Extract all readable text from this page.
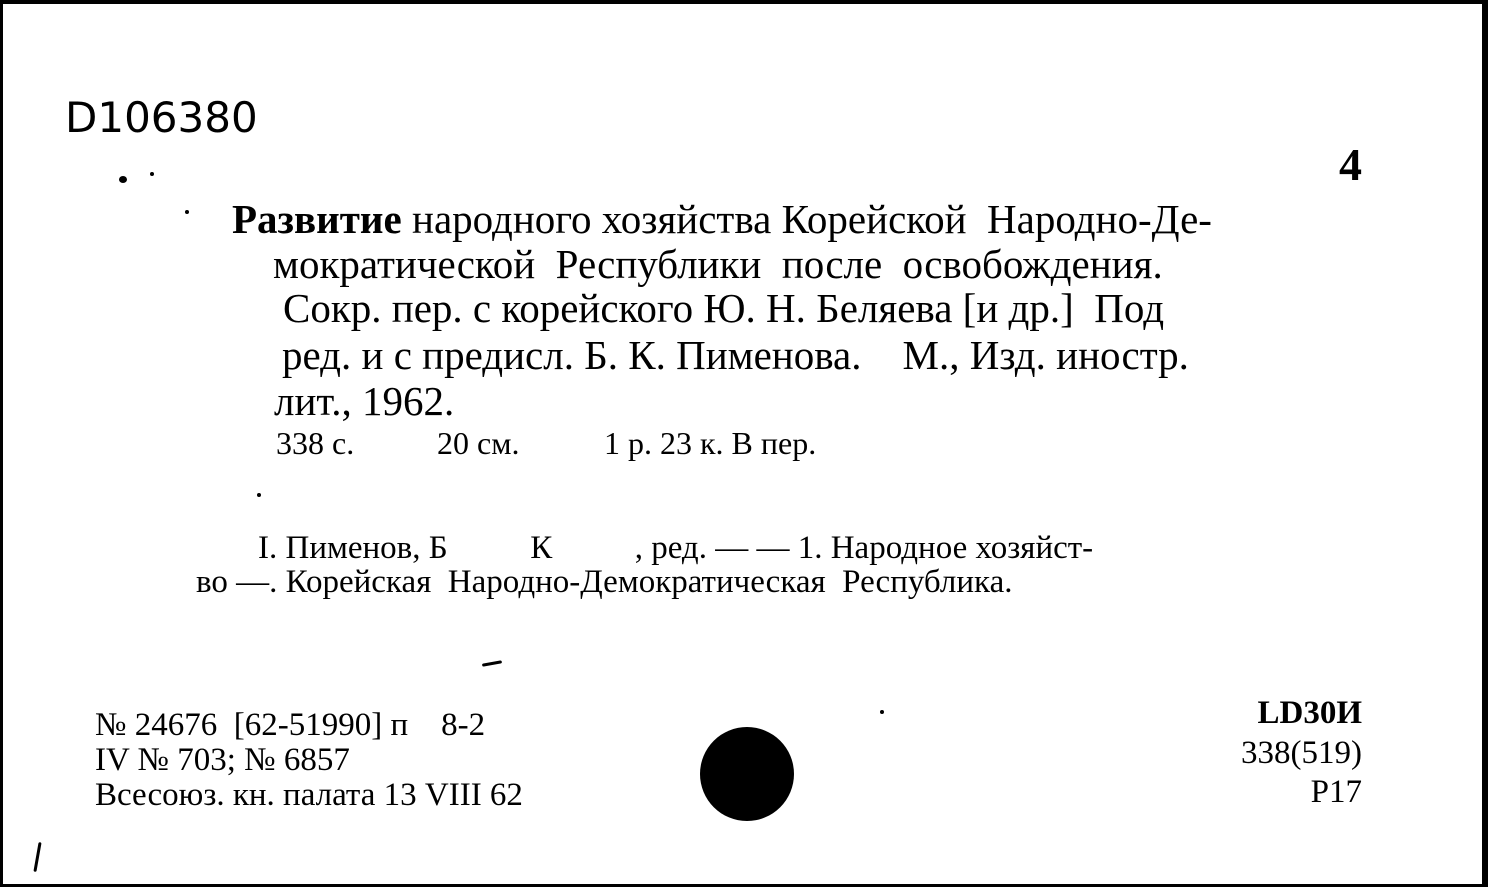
D106380
4
Развитие народного хозяйства Корейской  Народно-Де-
мократической  Республики  после  освобождения.
Сокр. пер. с корейского Ю. Н. Беляева [и др.]  Под
ред. и с предисл. Б. К. Пименова.    М., Изд. иностр.
лит., 1962.
338 с.	20 см.	1 р. 23 к. В пер.
I. Пименов, Б          К          , ред. — — 1. Народное хозяйст-
во —. Корейская  Народно-Демократическая  Республика.
№ 24676  [62-51990] п    8-2
IV № 703; № 6857
Всесоюз. кн. палата 13 VIII 62
LD30И
338(519)
Р17
